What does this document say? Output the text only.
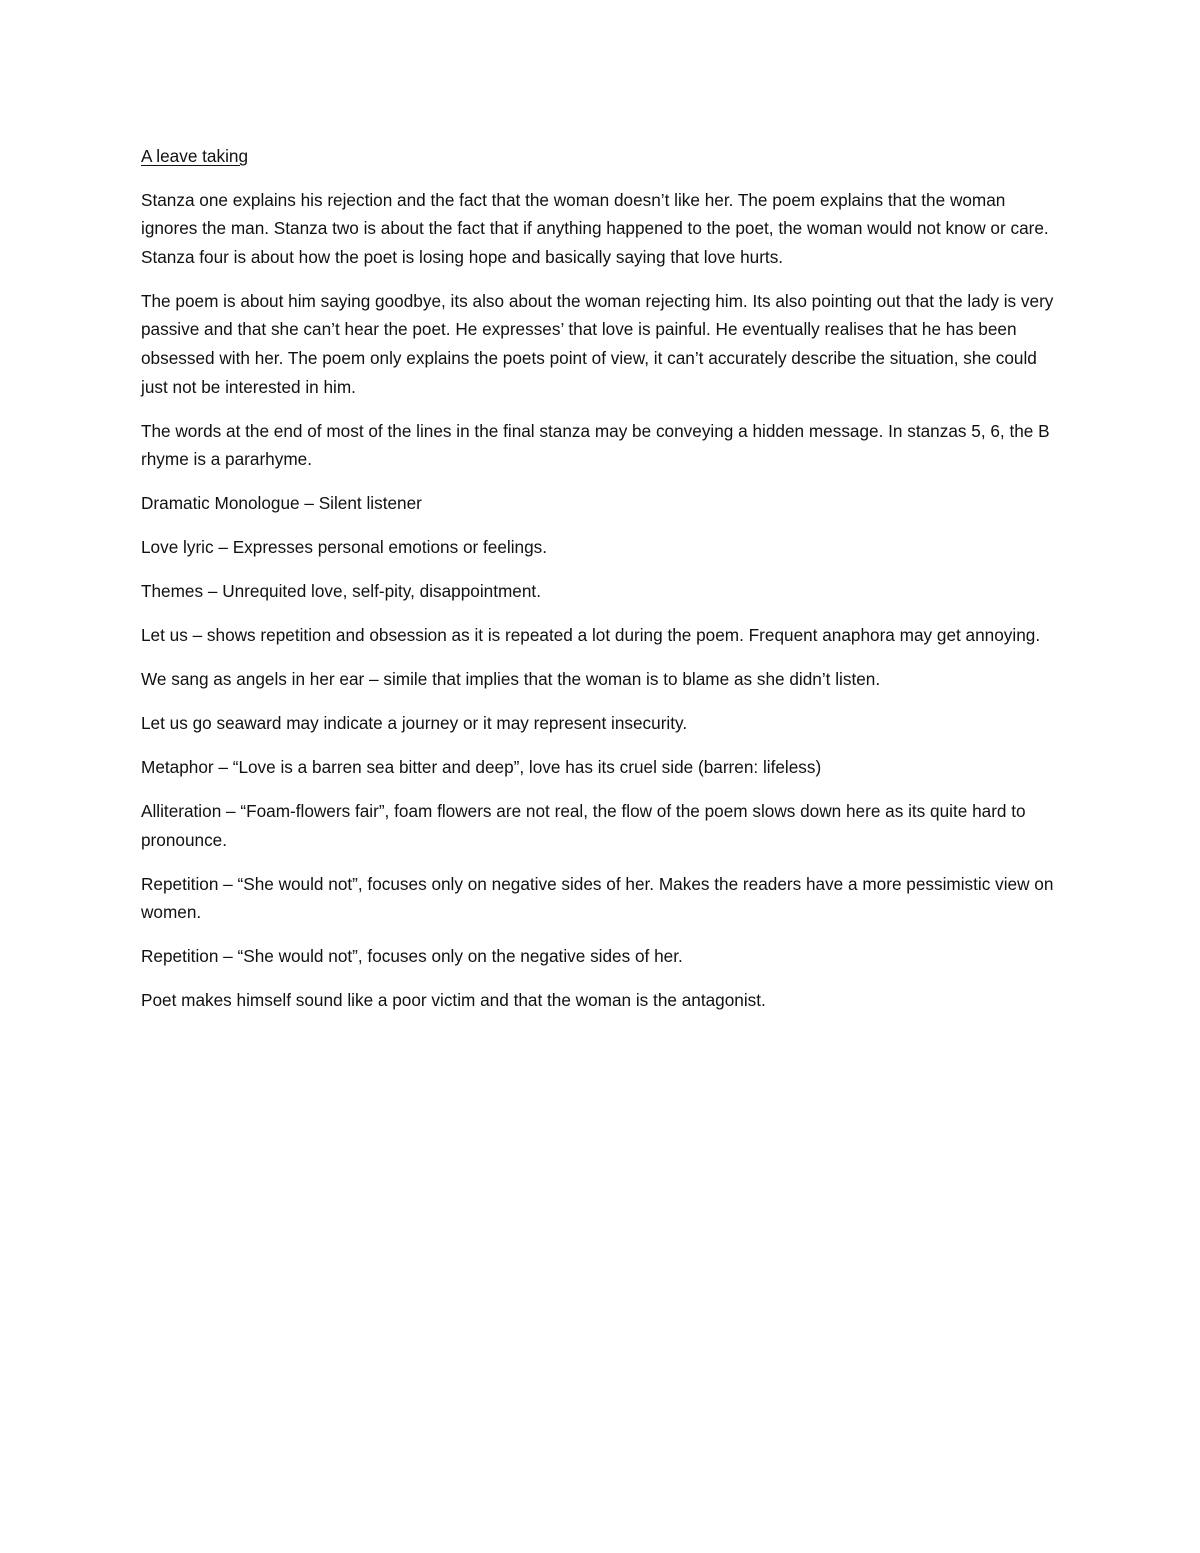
A leave taking

Stanza one explains his rejection and the fact that the woman doesn’t like her. The poem explains that the woman ignores the man. Stanza two is about the fact that if anything happened to the poet, the woman would not know or care. Stanza four is about how the poet is losing hope and basically saying that love hurts.

The poem is about him saying goodbye, its also about the woman rejecting him. Its also pointing out that the lady is very passive and that she can’t hear the poet. He expresses’ that love is painful. He eventually realises that he has been obsessed with her. The poem only explains the poets point of view, it can’t accurately describe the situation, she could just not be interested in him.

The words at the end of most of the lines in the final stanza may be conveying a hidden message. In stanzas 5, 6, the B rhyme is a pararhyme.

Dramatic Monologue – Silent listener

Love lyric – Expresses personal emotions or feelings.

Themes – Unrequited love, self-pity, disappointment.

Let us – shows repetition and obsession as it is repeated a lot during the poem. Frequent anaphora may get annoying.

We sang as angels in her ear – simile that implies that the woman is to blame as she didn’t listen.

Let us go seaward may indicate a journey or it may represent insecurity.

Metaphor – “Love is a barren sea bitter and deep”, love has its cruel side (barren: lifeless)

Alliteration – “Foam-flowers fair”, foam flowers are not real, the flow of the poem slows down here as its quite hard to pronounce.

Repetition – “She would not”, focuses only on negative sides of her. Makes the readers have a more pessimistic view on women.

Repetition – “She would not”, focuses only on the negative sides of her.

Poet makes himself sound like a poor victim and that the woman is the antagonist.
